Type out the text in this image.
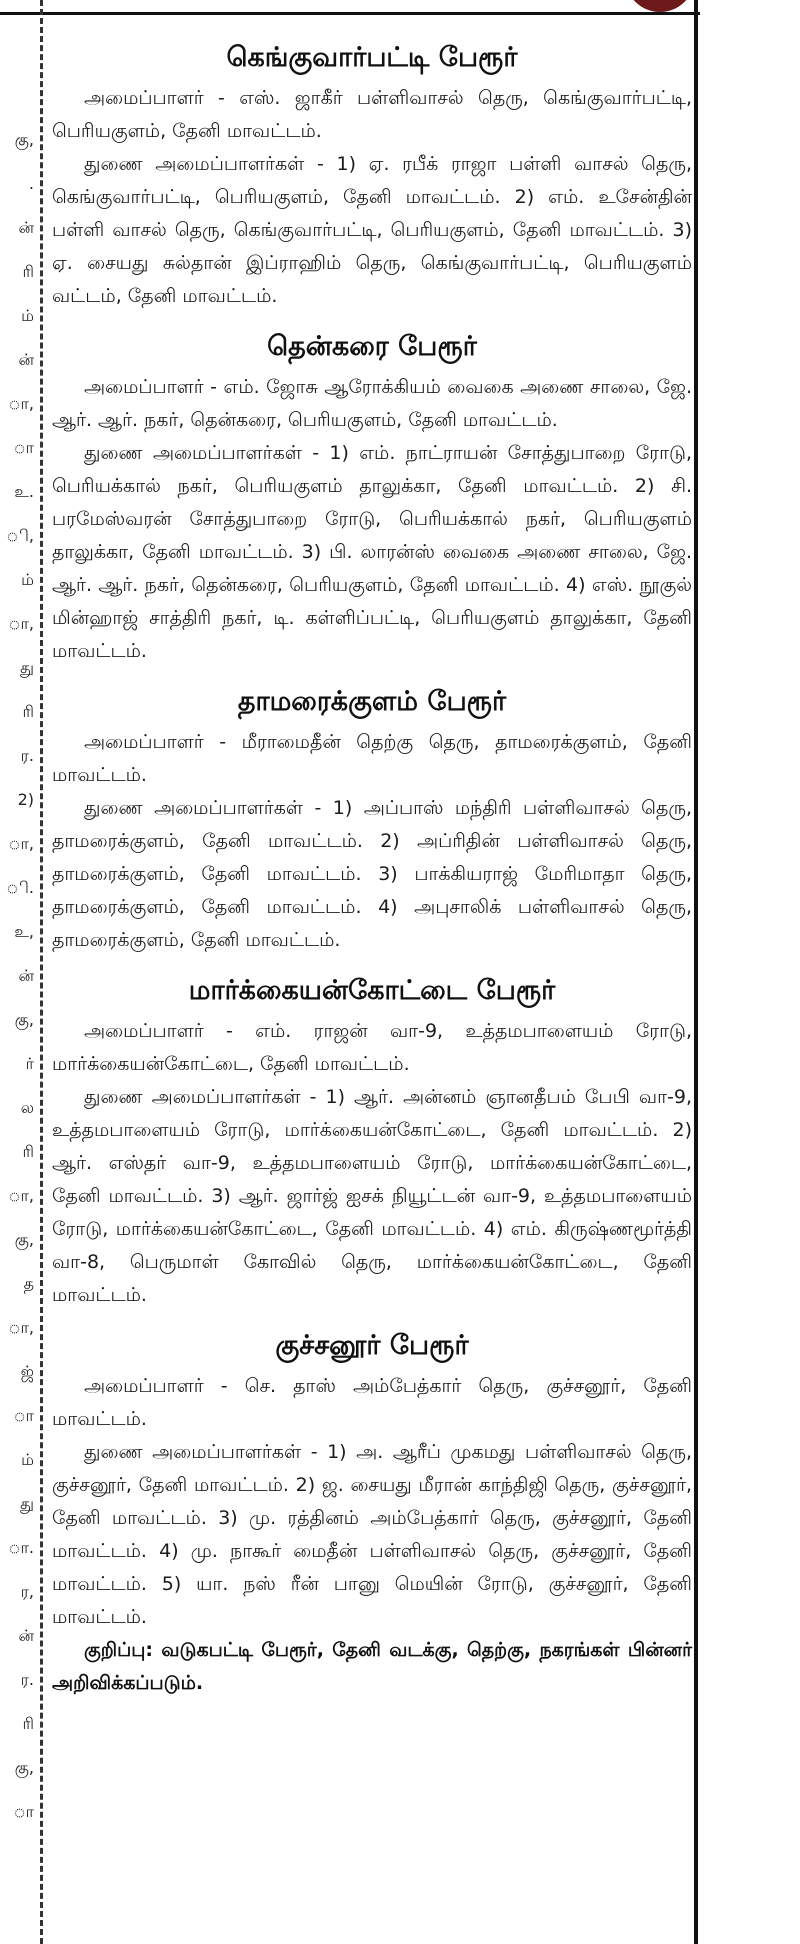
கு,
.
ன்
ரி
ம்
ன்
ா,
ா
உ.
ி,
ம்
ா,
து
ரி
ர.
2)
ா,
ி.
உ,
ன்
கு,
ர்
ல
ரி
ா,
கு,
த
ா,
ஜ்
ா
ம்
து
ா.
ர,
ன்
ர.
ரி
கு,
ா
கெங்குவார்பட்டி பேரூர்

அமைப்பாளர் - எஸ். ஜாகீர் பள்ளிவாசல் தெரு, கெங்குவார்பட்டி, பெரியகுளம், தேனி மாவட்டம்.

துணை அமைப்பாளர்கள் - 1) ஏ. ரபீக் ராஜா பள்ளி வாசல் தெரு, கெங்குவார்பட்டி, பெரியகுளம், தேனி மாவட்டம். 2) எம். உசேன்தின் பள்ளி வாசல் தெரு, கெங்குவார்பட்டி, பெரியகுளம், தேனி மாவட்டம். 3) ஏ. சையது சுல்தான் இப்ராஹிம் தெரு, கெங்குவார்பட்டி, பெரியகுளம் வட்டம், தேனி மாவட்டம்.

தென்கரை பேரூர்

அமைப்பாளர் - எம். ஜோசு ஆரோக்கியம் வைகை அணை சாலை, ஜே. ஆர். ஆர். நகர், தென்கரை, பெரியகுளம், தேனி மாவட்டம்.

துணை அமைப்பாளர்கள் - 1) எம். நாட்ராயன் சோத்துபாறை ரோடு, பெரியக்கால் நகர், பெரியகுளம் தாலுக்கா, தேனி மாவட்டம். 2) சி. பரமேஸ்வரன் சோத்துபாறை ரோடு, பெரியக்கால் நகர், பெரியகுளம் தாலுக்கா, தேனி மாவட்டம். 3) பி. லாரன்ஸ் வைகை அணை சாலை, ஜே. ஆர். ஆர். நகர், தென்கரை, பெரியகுளம், தேனி மாவட்டம். 4) எஸ். நூகுல் மின்ஹாஜ் சாத்திரி நகர், டி. கள்ளிப்பட்டி, பெரியகுளம் தாலுக்கா, தேனி மாவட்டம்.

தாமரைக்குளம் பேரூர்

அமைப்பாளர் - மீராமைதீன் தெற்கு தெரு, தாமரைக்குளம், தேனி மாவட்டம்.

துணை அமைப்பாளர்கள் - 1) அப்பாஸ் மந்திரி பள்ளிவாசல் தெரு, தாமரைக்குளம், தேனி மாவட்டம். 2) அப்ரிதின் பள்ளிவாசல் தெரு, தாமரைக்குளம், தேனி மாவட்டம். 3) பாக்கியராஜ் மேரிமாதா தெரு, தாமரைக்குளம், தேனி மாவட்டம். 4) அபுசாலிக் பள்ளிவாசல் தெரு, தாமரைக்குளம், தேனி மாவட்டம்.

மார்க்கையன்கோட்டை பேரூர்

அமைப்பாளர் - எம். ராஜன் வா-9, உத்தமபாளையம் ரோடு, மார்க்கையன்கோட்டை, தேனி மாவட்டம்.

துணை அமைப்பாளர்கள் - 1) ஆர். அன்னம் ஞானதீபம் பேபி வா-9, உத்தமபாளையம் ரோடு, மார்க்கையன்கோட்டை, தேனி மாவட்டம். 2) ஆர். எஸ்தர் வா-9, உத்தமபாளையம் ரோடு, மார்க்கையன்கோட்டை, தேனி மாவட்டம். 3) ஆர். ஜார்ஜ் ஐசக் நியூட்டன் வா-9, உத்தமபாளையம் ரோடு, மார்க்கையன்கோட்டை, தேனி மாவட்டம். 4) எம். கிருஷ்ணமூர்த்தி வா-8, பெருமாள் கோவில் தெரு, மார்க்கையன்கோட்டை, தேனி மாவட்டம்.

குச்சனூர் பேரூர்

அமைப்பாளர் - செ. தாஸ் அம்பேத்கார் தெரு, குச்சனூர், தேனி மாவட்டம்.

துணை அமைப்பாளர்கள் - 1) அ. ஆரீப் முகமது பள்ளிவாசல் தெரு, குச்சனூர், தேனி மாவட்டம். 2) ஜ. சையது மீரான் காந்திஜி தெரு, குச்சனூர், தேனி மாவட்டம். 3) மு. ரத்தினம் அம்பேத்கார் தெரு, குச்சனூர், தேனி மாவட்டம். 4) மு. நாகூர் மைதீன் பள்ளிவாசல் தெரு, குச்சனூர், தேனி மாவட்டம். 5) யா. நஸ் ரீன் பானு மெயின் ரோடு, குச்சனூர், தேனி மாவட்டம்.

குறிப்பு: வடுகபட்டி பேரூர், தேனி வடக்கு, தெற்கு, நகரங்கள் பின்னர் அறிவிக்கப்படும்.
